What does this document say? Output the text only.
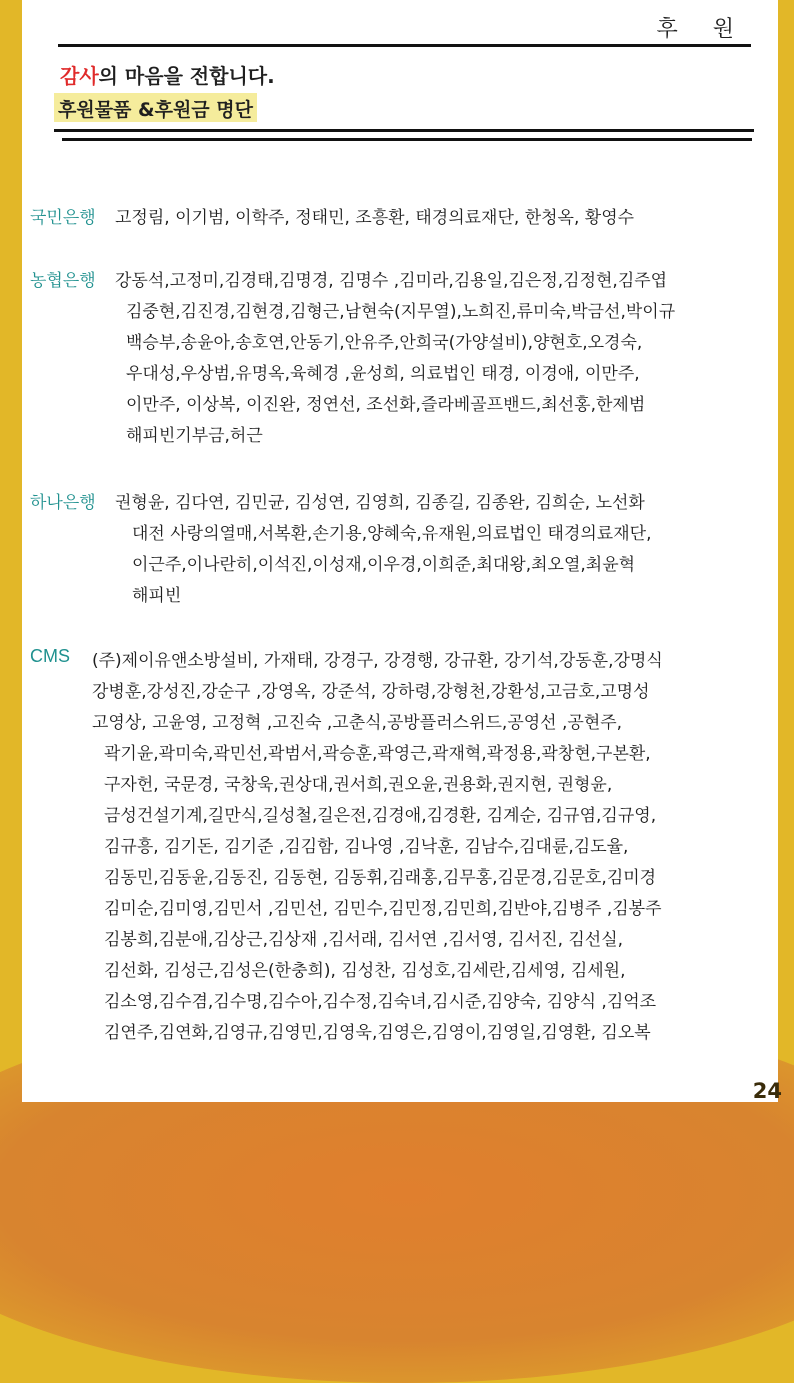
후 원
감사의 마음을 전합니다.
후원물품 &후원금 명단
국민은행 고정림, 이기범, 이학주, 정태민, 조흥환, 태경의료재단, 한청옥, 황영수
농협은행 강동석,고정미,김경태,김명경, 김명수 ,김미라,김용일,김은정,김정현,김주엽
김중현,김진경,김현경,김형근,남현숙(지무열),노희진,류미숙,박금선,박이규
백승부,송윤아,송호연,안동기,안유주,안희국(가양설비),양현호,오경숙,
우대성,우상범,유명옥,육혜경 ,윤성희, 의료법인 태경, 이경애, 이만주,
이만주, 이상복, 이진완, 정연선, 조선화,즐라베골프밴드,최선홍,한제범
해피빈기부금,허근
하나은행 권형윤, 김다연, 김민균, 김성연, 김영희, 김종길, 김종완, 김희순, 노선화
대전 사랑의열매,서복환,손기용,양혜숙,유재원,의료법인 태경의료재단,
이근주,이나란히,이석진,이성재,이우경,이희준,최대왕,최오열,최윤혁
해피빈
CMS (주)제이유앤소방설비, 가재태, 강경구, 강경행, 강규환, 강기석,강동훈,강명식
강병훈,강성진,강순구 ,강영옥, 강준석, 강하령,강형천,강환성,고금호,고명성
고영상, 고윤영, 고정혁 ,고진숙 ,고춘식,공방플러스위드,공영선 ,공현주,
곽기윤,곽미숙,곽민선,곽범서,곽승훈,곽영근,곽재혁,곽정용,곽창현,구본환,
구자헌, 국문경, 국창욱,권상대,권서희,권오윤,권용화,권지현, 권형윤,
금성건설기계,길만식,길성철,길은전,김경애,김경환, 김계순, 김규염,김규영,
김규흥, 김기돈, 김기준 ,김김함, 김나영 ,김낙훈, 김남수,김대륜,김도율,
김동민,김동윤,김동진, 김동현, 김동휘,김래홍,김무홍,김문경,김문호,김미경
김미순,김미영,김민서 ,김민선, 김민수,김민정,김민희,김반야,김병주 ,김봉주
김봉희,김분애,김상근,김상재 ,김서래, 김서연 ,김서영, 김서진, 김선실,
김선화, 김성근,김성은(한충희), 김성찬, 김성호,김세란,김세영, 김세원,
김소영,김수겸,김수명,김수아,김수정,김숙녀,김시준,김양숙, 김양식 ,김억조
김연주,김연화,김영규,김영민,김영욱,김영은,김영이,김영일,김영환, 김오복
24
